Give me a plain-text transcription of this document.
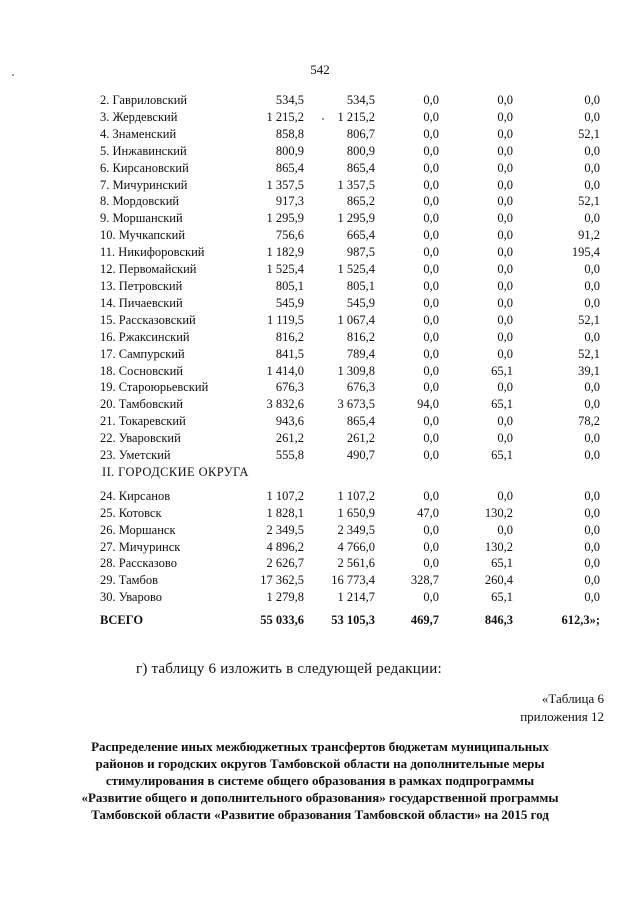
542
2. Гавриловский	534,5	534,5	0,0	0,0	0,0
3. Жердевский	1 215,2	1 215,2	0,0	0,0	0,0
4. Знаменский	858,8	806,7	0,0	0,0	52,1
5. Инжавинский	800,9	800,9	0,0	0,0	0,0
6. Кирсановский	865,4	865,4	0,0	0,0	0,0
7. Мичуринский	1 357,5	1 357,5	0,0	0,0	0,0
8. Мордовский	917,3	865,2	0,0	0,0	52,1
9. Моршанский	1 295,9	1 295,9	0,0	0,0	0,0
10. Мучкапский	756,6	665,4	0,0	0,0	91,2
11. Никифоровский	1 182,9	987,5	0,0	0,0	195,4
12. Первомайский	1 525,4	1 525,4	0,0	0,0	0,0
13. Петровский	805,1	805,1	0,0	0,0	0,0
14. Пичаевский	545,9	545,9	0,0	0,0	0,0
15. Рассказовский	1 119,5	1 067,4	0,0	0,0	52,1
16. Ржаксинский	816,2	816,2	0,0	0,0	0,0
17. Сампурский	841,5	789,4	0,0	0,0	52,1
18. Сосновский	1 414,0	1 309,8	0,0	65,1	39,1
19. Староюрьевский	676,3	676,3	0,0	0,0	0,0
20. Тамбовский	3 832,6	3 673,5	94,0	65,1	0,0
21. Токаревский	943,6	865,4	0,0	0,0	78,2
22. Уваровский	261,2	261,2	0,0	0,0	0,0
23. Уметский	555,8	490,7	0,0	65,1	0,0
II. ГОРОДСКИЕ ОКРУГА					

24. Кирсанов	1 107,2	1 107,2	0,0	0,0	0,0
25. Котовск	1 828,1	1 650,9	47,0	130,2	0,0
26. Моршанск	2 349,5	2 349,5	0,0	0,0	0,0
27. Мичуринск	4 896,2	4 766,0	0,0	130,2	0,0
28. Рассказово	2 626,7	2 561,6	0,0	65,1	0,0
29. Тамбов	17 362,5	16 773,4	328,7	260,4	0,0
30. Уварово	1 279,8	1 214,7	0,0	65,1	0,0
ВСЕГО	55 033,6	53 105,3	469,7	846,3	612,3»;
г) таблицу 6 изложить в следующей редакции:
«Таблица 6
приложения 12
Распределение иных межбюджетных трансфертов бюджетам муниципальных
районов и городских округов Тамбовской области на дополнительные меры
стимулирования в системе общего образования в рамках подпрограммы
«Развитие общего и дополнительного образования» государственной программы
Тамбовской области «Развитие образования Тамбовской области» на 2015 год
